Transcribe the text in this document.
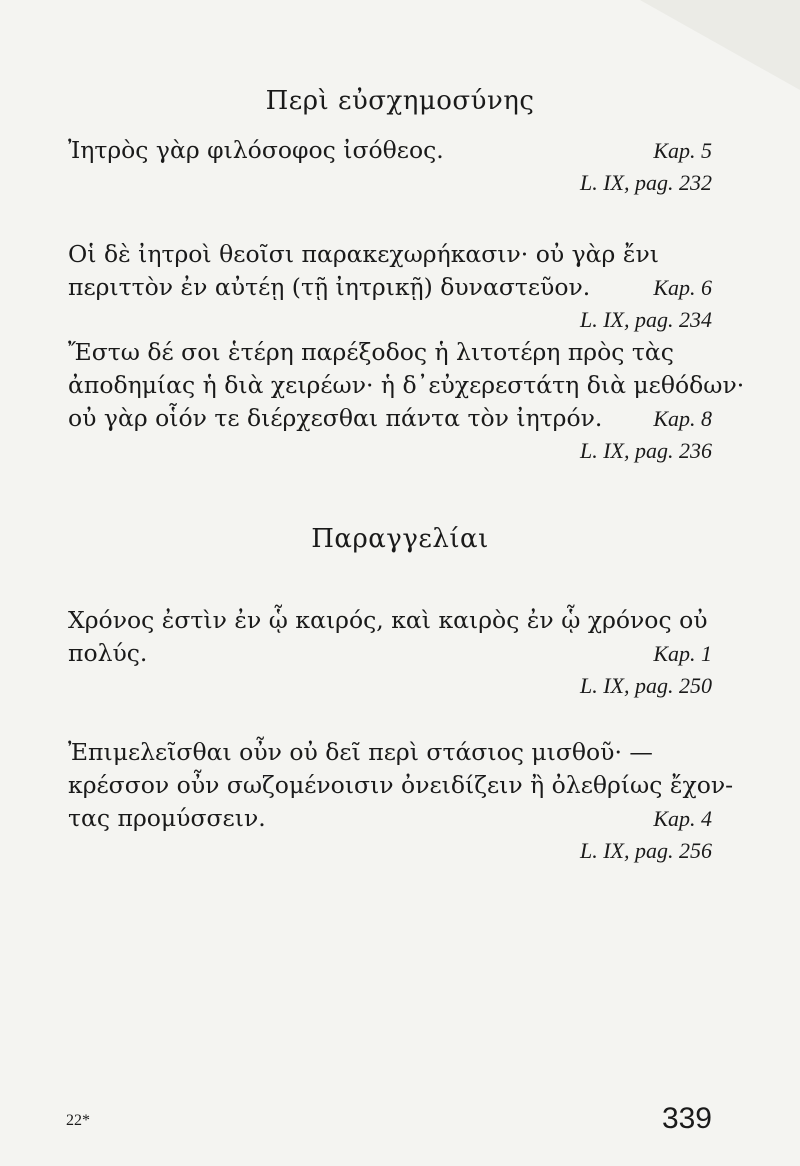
Περὶ εὐσχημοσύνης
Ἰητρὸς γὰρ φιλόσοφος ἰσόθεος.	Kap. 5
L. IX, pag. 232
Οἱ δὲ ἰητροὶ θεοῖσι παρακεχωρήκασιν· οὐ γὰρ ἔνι
περιττὸν ἐν αὐτέῃ (τῇ ἰητρικῇ) δυναστεῦον.	Kap. 6
L. IX, pag. 234
Ἔστω δέ σοι ἑτέρη παρέξοδος ἡ λιτοτέρη πρὸς τὰς
ἀποδημίας ἡ διὰ χειρέων· ἡ δ᾽εὐχερεστάτη διὰ μεθόδων·
οὐ γὰρ οἷόν τε διέρχεσθαι πάντα τὸν ἰητρόν. Kap. 8
L. IX, pag. 236
Παραγγελίαι
Χρόνος ἐστὶν ἐν ᾧ καιρός, καὶ καιρὸς ἐν ᾧ χρόνος οὐ
πολύς.	Kap. 1
L. IX, pag. 250
Ἐπιμελεῖσθαι οὖν οὐ δεῖ περὶ στάσιος μισθοῦ· —
κρέσσον οὖν σωζομένοισιν ὀνειδίζειν ἢ ὀλεθρίως ἔχον-
τας προμύσσειν.	Kap. 4
L. IX, pag. 256
22*	339
